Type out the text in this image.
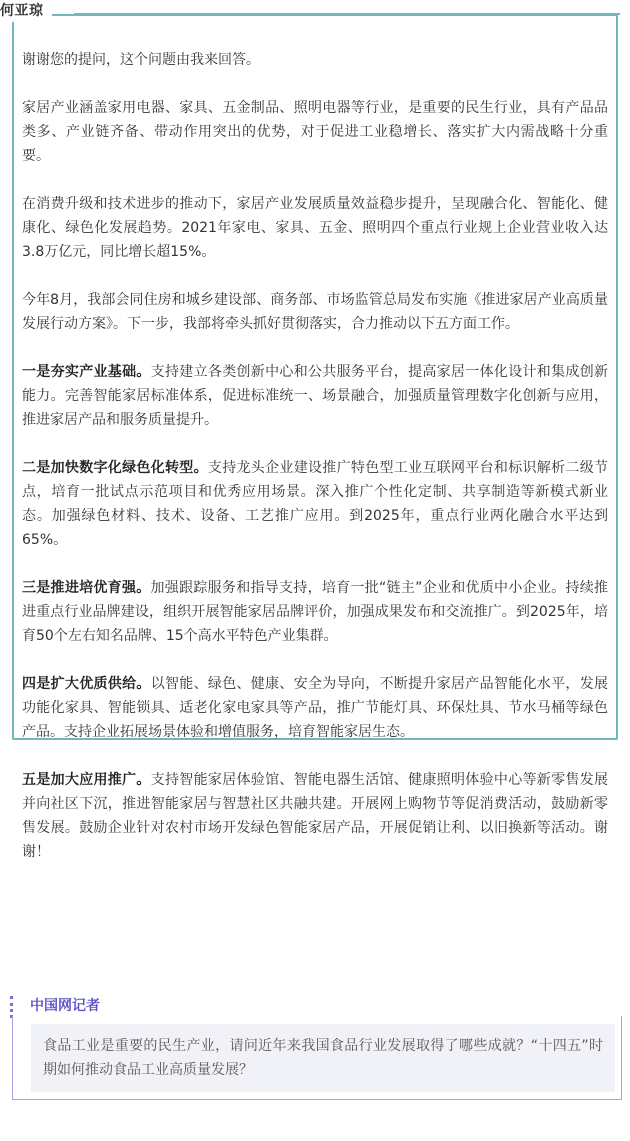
何亚琼

谢谢您的提问，这个问题由我来回答。

家居产业涵盖家用电器、家具、五金制品、照明电器等行业，是重要的民生行业，具有产品品类多、产业链齐备、带动作用突出的优势，对于促进工业稳增长、落实扩大内需战略十分重要。

在消费升级和技术进步的推动下，家居产业发展质量效益稳步提升，呈现融合化、智能化、健康化、绿色化发展趋势。2021年家电、家具、五金、照明四个重点行业规上企业营业收入达3.8万亿元，同比增长超15%。

今年8月，我部会同住房和城乡建设部、商务部、市场监管总局发布实施《推进家居产业高质量发展行动方案》。下一步，我部将牵头抓好贯彻落实，合力推动以下五方面工作。

一是夯实产业基础。支持建立各类创新中心和公共服务平台，提高家居一体化设计和集成创新能力。完善智能家居标准体系，促进标准统一、场景融合，加强质量管理数字化创新与应用，推进家居产品和服务质量提升。

二是加快数字化绿色化转型。支持龙头企业建设推广特色型工业互联网平台和标识解析二级节点，培育一批试点示范项目和优秀应用场景。深入推广个性化定制、共享制造等新模式新业态。加强绿色材料、技术、设备、工艺推广应用。到2025年，重点行业两化融合水平达到65%。

三是推进培优育强。加强跟踪服务和指导支持，培育一批“链主”企业和优质中小企业。持续推进重点行业品牌建设，组织开展智能家居品牌评价，加强成果发布和交流推广。到2025年，培育50个左右知名品牌、15个高水平特色产业集群。

四是扩大优质供给。以智能、绿色、健康、安全为导向，不断提升家居产品智能化水平，发展功能化家具、智能锁具、适老化家电家具等产品，推广节能灯具、环保灶具、节水马桶等绿色产品。支持企业拓展场景体验和增值服务，培育智能家居生态。

五是加大应用推广。支持智能家居体验馆、智能电器生活馆、健康照明体验中心等新零售发展并向社区下沉，推进智能家居与智慧社区共融共建。开展网上购物节等促消费活动，鼓励新零售发展。鼓励企业针对农村市场开发绿色智能家居产品，开展促销让利、以旧换新等活动。谢谢！

食品工业是重要的民生产业，请问近年来我国食品行业发展取得了哪些成就？“十四五”时期如何推动食品工业高质量发展？
中国网记者
